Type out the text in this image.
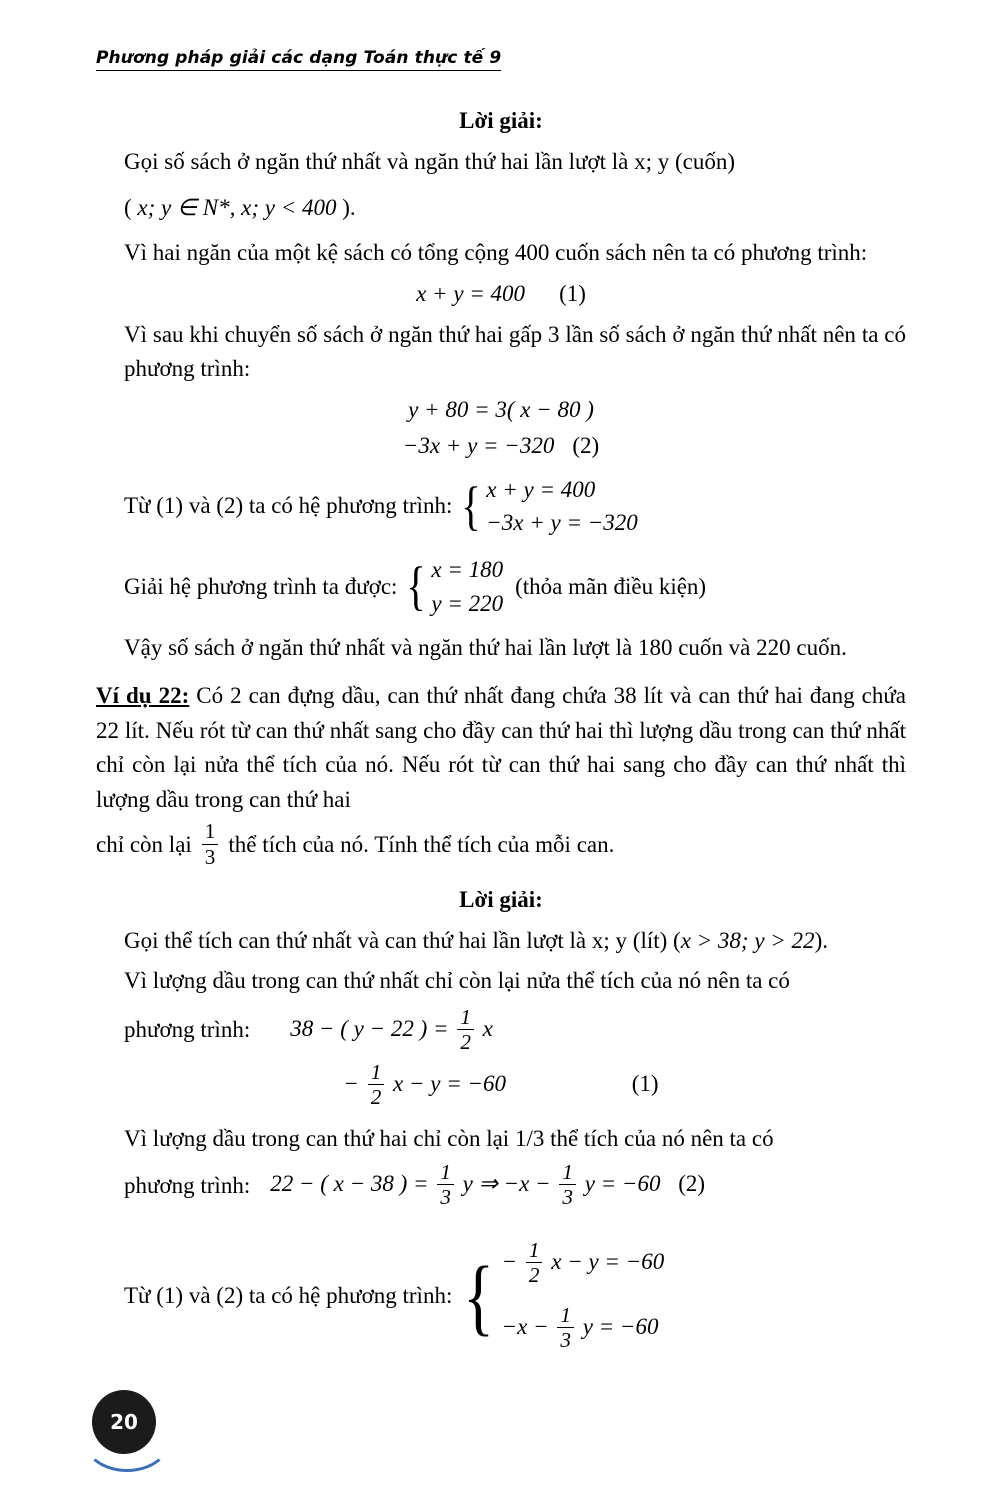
Phương pháp giải các dạng Toán thực tế 9
Lời giải:
Gọi số sách ở ngăn thứ nhất và ngăn thứ hai lần lượt là x; y (cuốn)
( x; y ∈ N*, x; y < 400 ).
Vì hai ngăn của một kệ sách có tổng cộng 400 cuốn sách nên ta có phương trình:
x + y = 400 (1)
Vì sau khi chuyển số sách ở ngăn thứ hai gấp 3 lần số sách ở ngăn thứ nhất nên ta có phương trình:
y + 80 = 3( x − 80 )
−3x + y = −320 (2)
Từ (1) và (2) ta có hệ phương trình: { x + y = 400
−3x + y = −320
Giải hệ phương trình ta được: { x = 180
y = 220
(thỏa mãn điều kiện)
Vậy số sách ở ngăn thứ nhất và ngăn thứ hai lần lượt là 180 cuốn và 220 cuốn.
Ví dụ 22: Có 2 can đựng dầu, can thứ nhất đang chứa 38 lít và can thứ hai đang chứa 22 lít. Nếu rót từ can thứ nhất sang cho đầy can thứ hai thì lượng dầu trong can thứ nhất chỉ còn lại nửa thể tích của nó. Nếu rót từ can thứ hai sang cho đầy can thứ nhất thì lượng dầu trong can thứ hai
chỉ còn lại $\frac{1}{3}$ thể tích của nó. Tính thể tích của mỗi can.
Lời giải:
Gọi thể tích can thứ nhất và can thứ hai lần lượt là x; y (lít) (x > 38; y > 22).
Vì lượng dầu trong can thứ nhất chỉ còn lại nửa thể tích của nó nên ta có
phương trình: 38 − ( y − 22 ) = $\frac{1}{2}$ x
− $\frac{1}{2}$ x − y = −60	(1)
Vì lượng dầu trong can thứ hai chỉ còn lại 1/3 thể tích của nó nên ta có
phương trình: 22 − ( x − 38 ) = $\frac{1}{3}$ y ⇒ $-x - \frac{1}{3}$ y = −60 (2)
Từ (1) và (2) ta có hệ phương trình: { − $\frac{1}{2}$ x − y = −60
$-x - \frac{1}{3}$ y = −60
20
